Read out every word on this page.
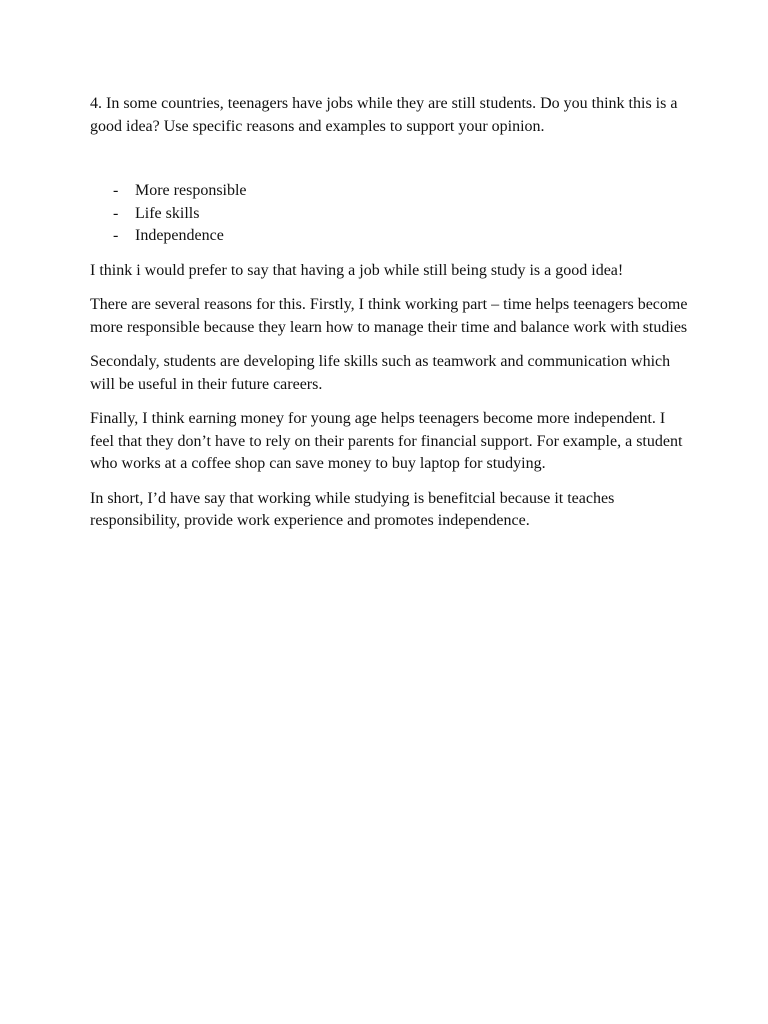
4. In some countries, teenagers have jobs while they are still students. Do you think this is a good idea? Use specific reasons and examples to support your opinion.

- More responsible
- Life skills
- Independence

I think i would prefer to say that having a job while still being study is a good idea!

There are several reasons for this. Firstly, I think working part – time helps teenagers become more responsible because they learn how to manage their time and balance work with studies

Secondaly, students are developing life skills such as teamwork and communication which will be useful in their future careers.

Finally, I think earning money for young age helps teenagers become more independent. I feel that they don’t have to rely on their parents for financial support. For example, a student who works at a coffee shop can save money to buy laptop for studying.

In short, I’d have say that working while studying is benefitcial because it teaches responsibility, provide work experience and promotes independence.
